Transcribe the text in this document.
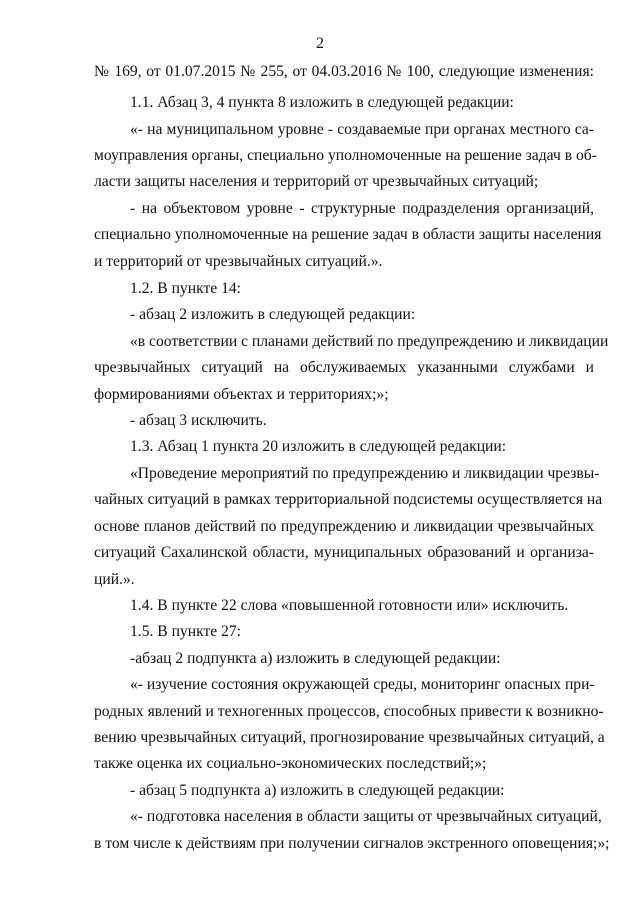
2
№ 169, от 01.07.2015 № 255, от 04.03.2016 № 100, следующие изменения:
1.1. Абзац 3, 4 пункта 8 изложить в следующей редакции:
«- на муниципальном уровне - создаваемые при органах местного са-
моуправления органы, специально уполномоченные на решение задач в об-
ласти защиты населения и территорий от чрезвычайных ситуаций;
- на объектовом уровне - структурные подразделения организаций,
специально уполномоченные на решение задач в области защиты населения
и территорий от чрезвычайных ситуаций.».
1.2. В пункте 14:
- абзац 2 изложить в следующей редакции:
«в соответствии с планами действий по предупреждению и ликвидации
чрезвычайных ситуаций на обслуживаемых указанными службами и
формированиями объектах и территориях;»;
- абзац 3 исключить.
1.3. Абзац 1 пункта 20 изложить в следующей редакции:
«Проведение мероприятий по предупреждению и ликвидации чрезвы-
чайных ситуаций в рамках территориальной подсистемы осуществляется на
основе планов действий по предупреждению и ликвидации чрезвычайных
ситуаций Сахалинской области, муниципальных образований и организа-
ций.».
1.4. В пункте 22 слова «повышенной готовности или» исключить.
1.5. В пункте 27:
-абзац 2 подпункта а) изложить в следующей редакции:
«- изучение состояния окружающей среды, мониторинг опасных при-
родных явлений и техногенных процессов, способных привести к возникно-
вению чрезвычайных ситуаций, прогнозирование чрезвычайных ситуаций, а
также оценка их социально-экономических последствий;»;
- абзац 5 подпункта а) изложить в следующей редакции:
«- подготовка населения в области защиты от чрезвычайных ситуаций,
в том числе к действиям при получении сигналов экстренного оповещения;»;
